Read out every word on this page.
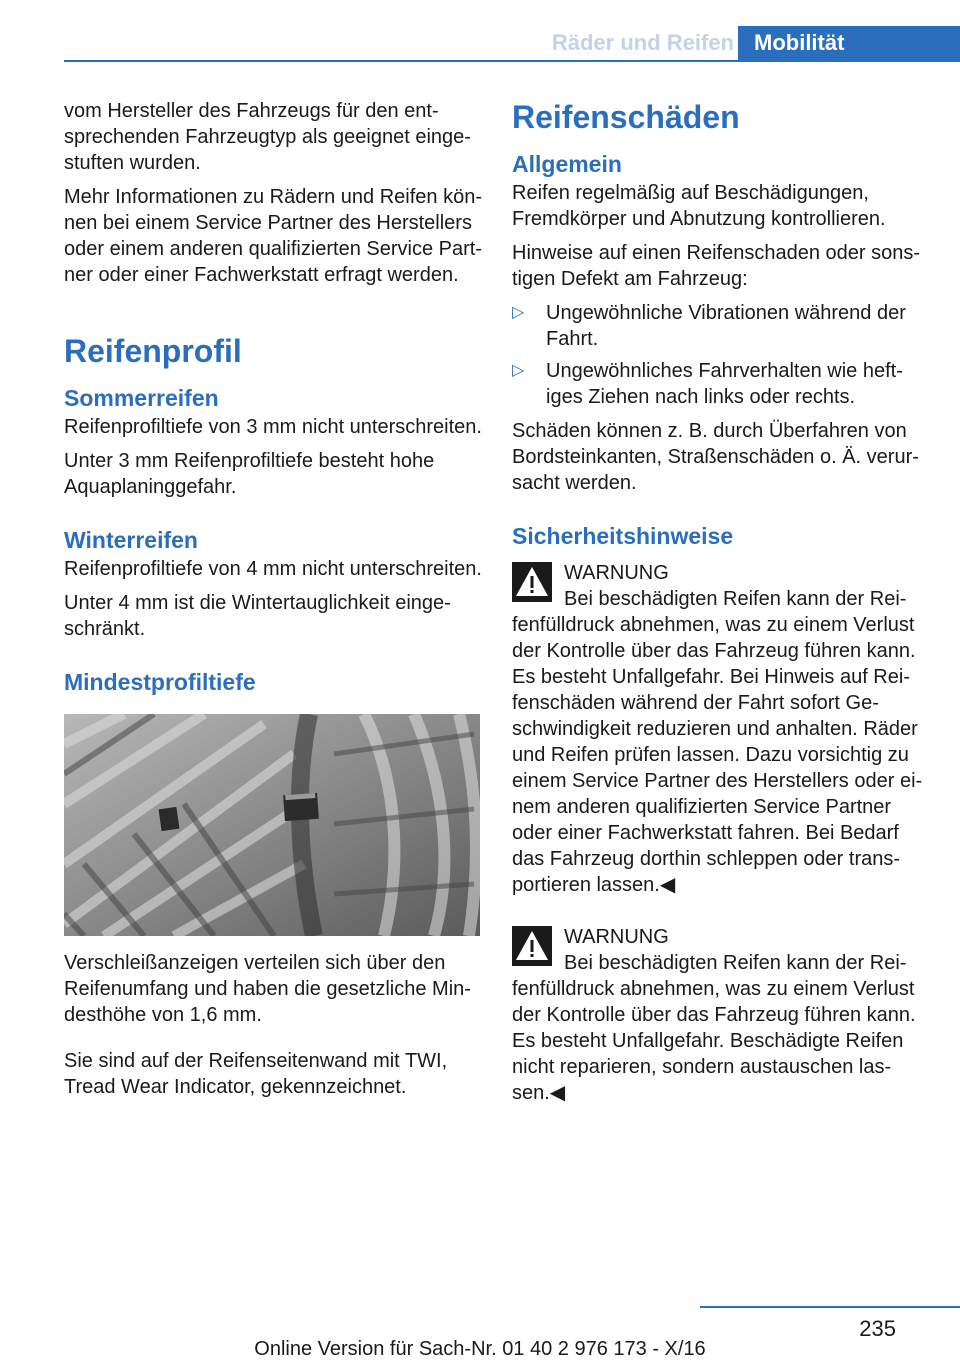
Räder und Reifen Mobilität

vom Hersteller des Fahrzeugs für den entsprechenden Fahrzeugtyp als geeignet eingestuften wurden.

Mehr Informationen zu Rädern und Reifen können bei einem Service Partner des Herstellers oder einem anderen qualifizierten Service Partner oder einer Fachwerkstatt erfragt werden.

Reifenprofil
Sommerreifen

Reifenprofiltiefe von 3 mm nicht unterschreiten.

Unter 3 mm Reifenprofiltiefe besteht hohe Aquaplaninggefahr.

Winterreifen

Reifenprofiltiefe von 4 mm nicht unterschreiten.

Unter 4 mm ist die Wintertauglichkeit eingeschränkt.

Mindestprofiltiefe

Verschleißanzeigen verteilen sich über den Reifenumfang und haben die gesetzliche Mindesthöhe von 1,6 mm.

Sie sind auf der Reifenseitenwand mit TWI, Tread Wear Indicator, gekennzeichnet.

Reifenschäden
Allgemein

Reifen regelmäßig auf Beschädigungen, Fremdkörper und Abnutzung kontrollieren.

Hinweise auf einen Reifenschaden oder sonstigen Defekt am Fahrzeug:

▷ Ungewöhnliche Vibrationen während der Fahrt.
▷ Ungewöhnliches Fahrverhalten wie heftiges Ziehen nach links oder rechts.

Schäden können z. B. durch Überfahren von Bordsteinkanten, Straßenschäden o. Ä. verursacht werden.

Sicherheitshinweise
WARNUNG
Bei beschädigten Reifen kann der Reifenfülldruck abnehmen, was zu einem Verlust der Kontrolle über das Fahrzeug führen kann. Es besteht Unfallgefahr. Bei Hinweis auf Reifenschäden während der Fahrt sofort Geschwindigkeit reduzieren und anhalten. Räder und Reifen prüfen lassen. Dazu vorsichtig zu einem Service Partner des Herstellers oder einem anderen qualifizierten Service Partner oder einer Fachwerkstatt fahren. Bei Bedarf das Fahrzeug dorthin schleppen oder transportieren lassen.◀
WARNUNG
Bei beschädigten Reifen kann der Reifenfülldruck abnehmen, was zu einem Verlust der Kontrolle über das Fahrzeug führen kann. Es besteht Unfallgefahr. Beschädigte Reifen nicht reparieren, sondern austauschen lassen.◀
235
Online Version für Sach-Nr. 01 40 2 976 173 - X/16
